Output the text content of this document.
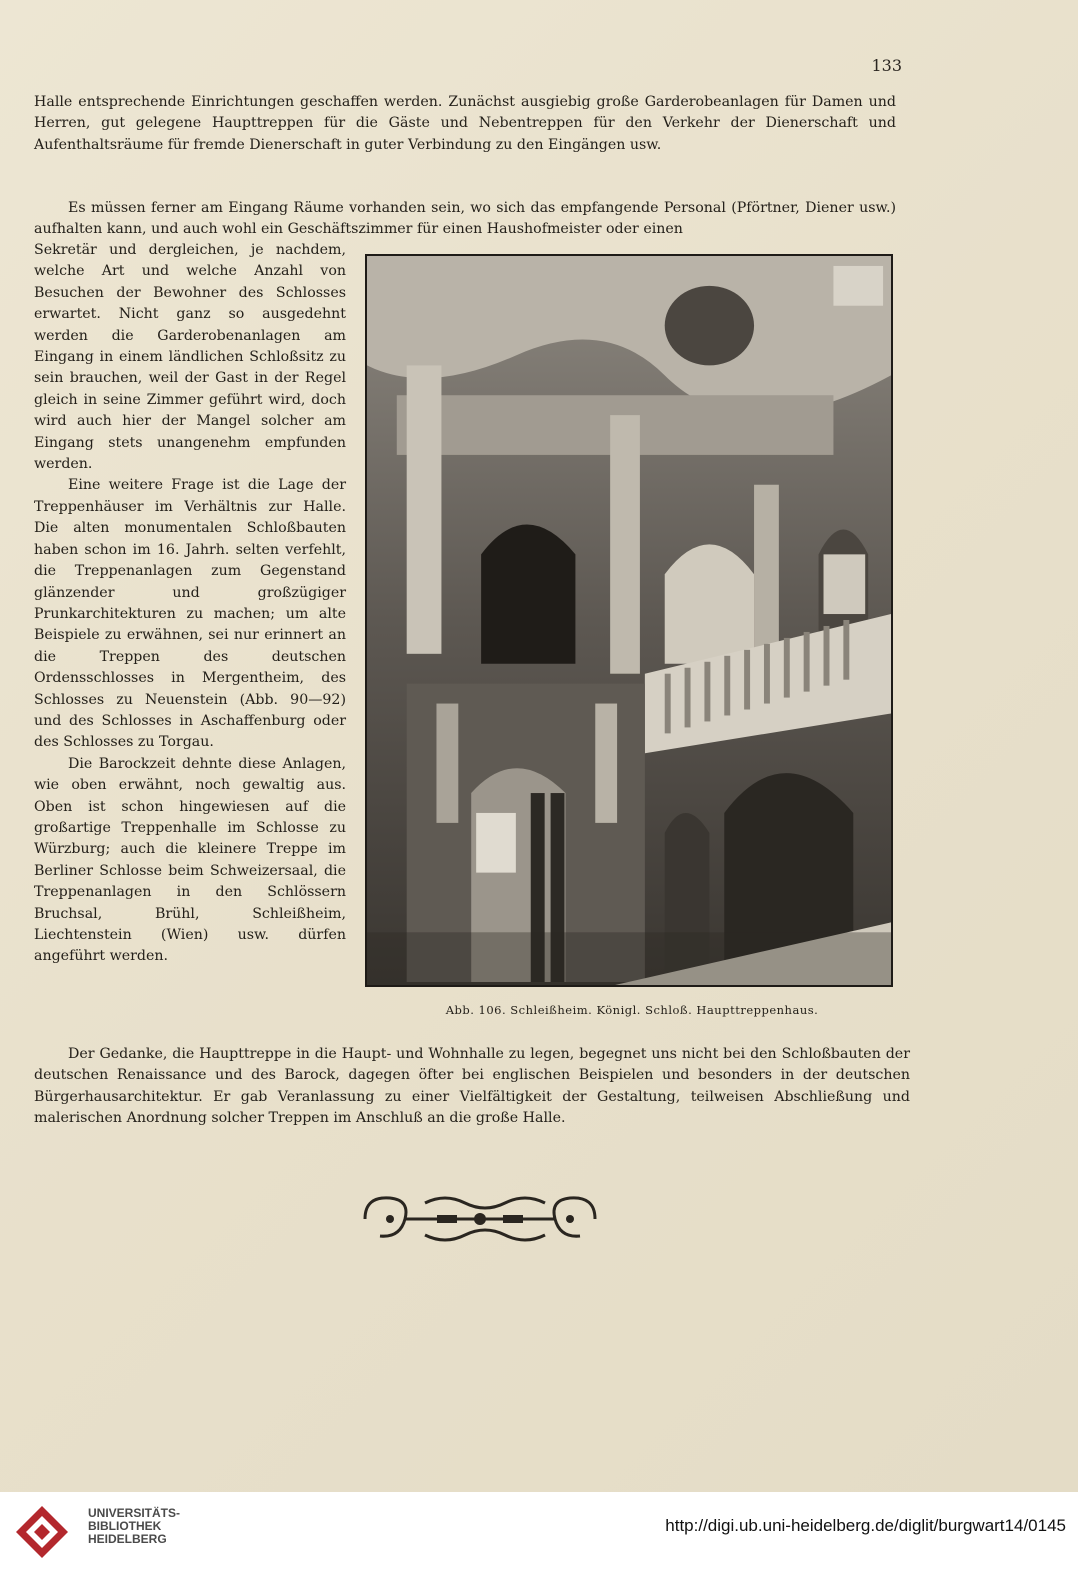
133

Halle entsprechende Einrichtungen geschaffen werden. Zunächst ausgiebig große Garderobeanlagen für Damen und Herren, gut gelegene Haupttreppen für die Gäste und Nebentreppen für den Verkehr der Dienerschaft und Aufenthaltsräume für fremde Dienerschaft in guter Verbindung zu den Eingängen usw.

Es müssen ferner am Eingang Räume vorhanden sein, wo sich das empfangende Personal (Pförtner, Diener usw.) aufhalten kann, und auch wohl ein Geschäftszimmer für einen Haushofmeister oder einen

Sekretär und dergleichen, je nachdem, welche Art und welche Anzahl von Besuchen der Bewohner des Schlosses erwartet. Nicht ganz so ausgedehnt werden die Garderobenanlagen am Eingang in einem ländlichen Schloßsitz zu sein brauchen, weil der Gast in der Regel gleich in seine Zimmer geführt wird, doch wird auch hier der Mangel solcher am Eingang stets unangenehm empfunden werden.

Eine weitere Frage ist die Lage der Treppenhäuser im Verhältnis zur Halle. Die alten monumentalen Schloßbauten haben schon im 16. Jahrh. selten verfehlt, die Treppenanlagen zum Gegenstand glänzender und großzügiger Prunkarchitekturen zu machen; um alte Beispiele zu erwähnen, sei nur erinnert an die Treppen des deutschen Ordensschlosses in Mergentheim, des Schlosses zu Neuenstein (Abb. 90—92) und des Schlosses in Aschaffenburg oder des Schlosses zu Torgau.

Die Barockzeit dehnte diese Anlagen, wie oben erwähnt, noch gewaltig aus. Oben ist schon hingewiesen auf die großartige Treppenhalle im Schlosse zu Würzburg; auch die kleinere Treppe im Berliner Schlosse beim Schweizersaal, die Treppenanlagen in den Schlössern Bruchsal, Brühl, Schleißheim, Liechtenstein (Wien) usw. dürfen angeführt werden.

Abb. 106. Schleißheim. Königl. Schloß. Haupttreppenhaus.

Der Gedanke, die Haupttreppe in die Haupt- und Wohnhalle zu legen, begegnet uns nicht bei den Schloßbauten der deutschen Renaissance und des Barock, dagegen öfter bei englischen Beispielen und besonders in der deutschen Bürgerhausarchitektur. Er gab Veranlassung zu einer Vielfältigkeit der Gestaltung, teilweisen Abschließung und malerischen Anordnung solcher Treppen im Anschluß an die große Halle.

UNIVERSITÄTS-
BIBLIOTHEK
HEIDELBERG
http://digi.ub.uni-heidelberg.de/diglit/burgwart14/0145
